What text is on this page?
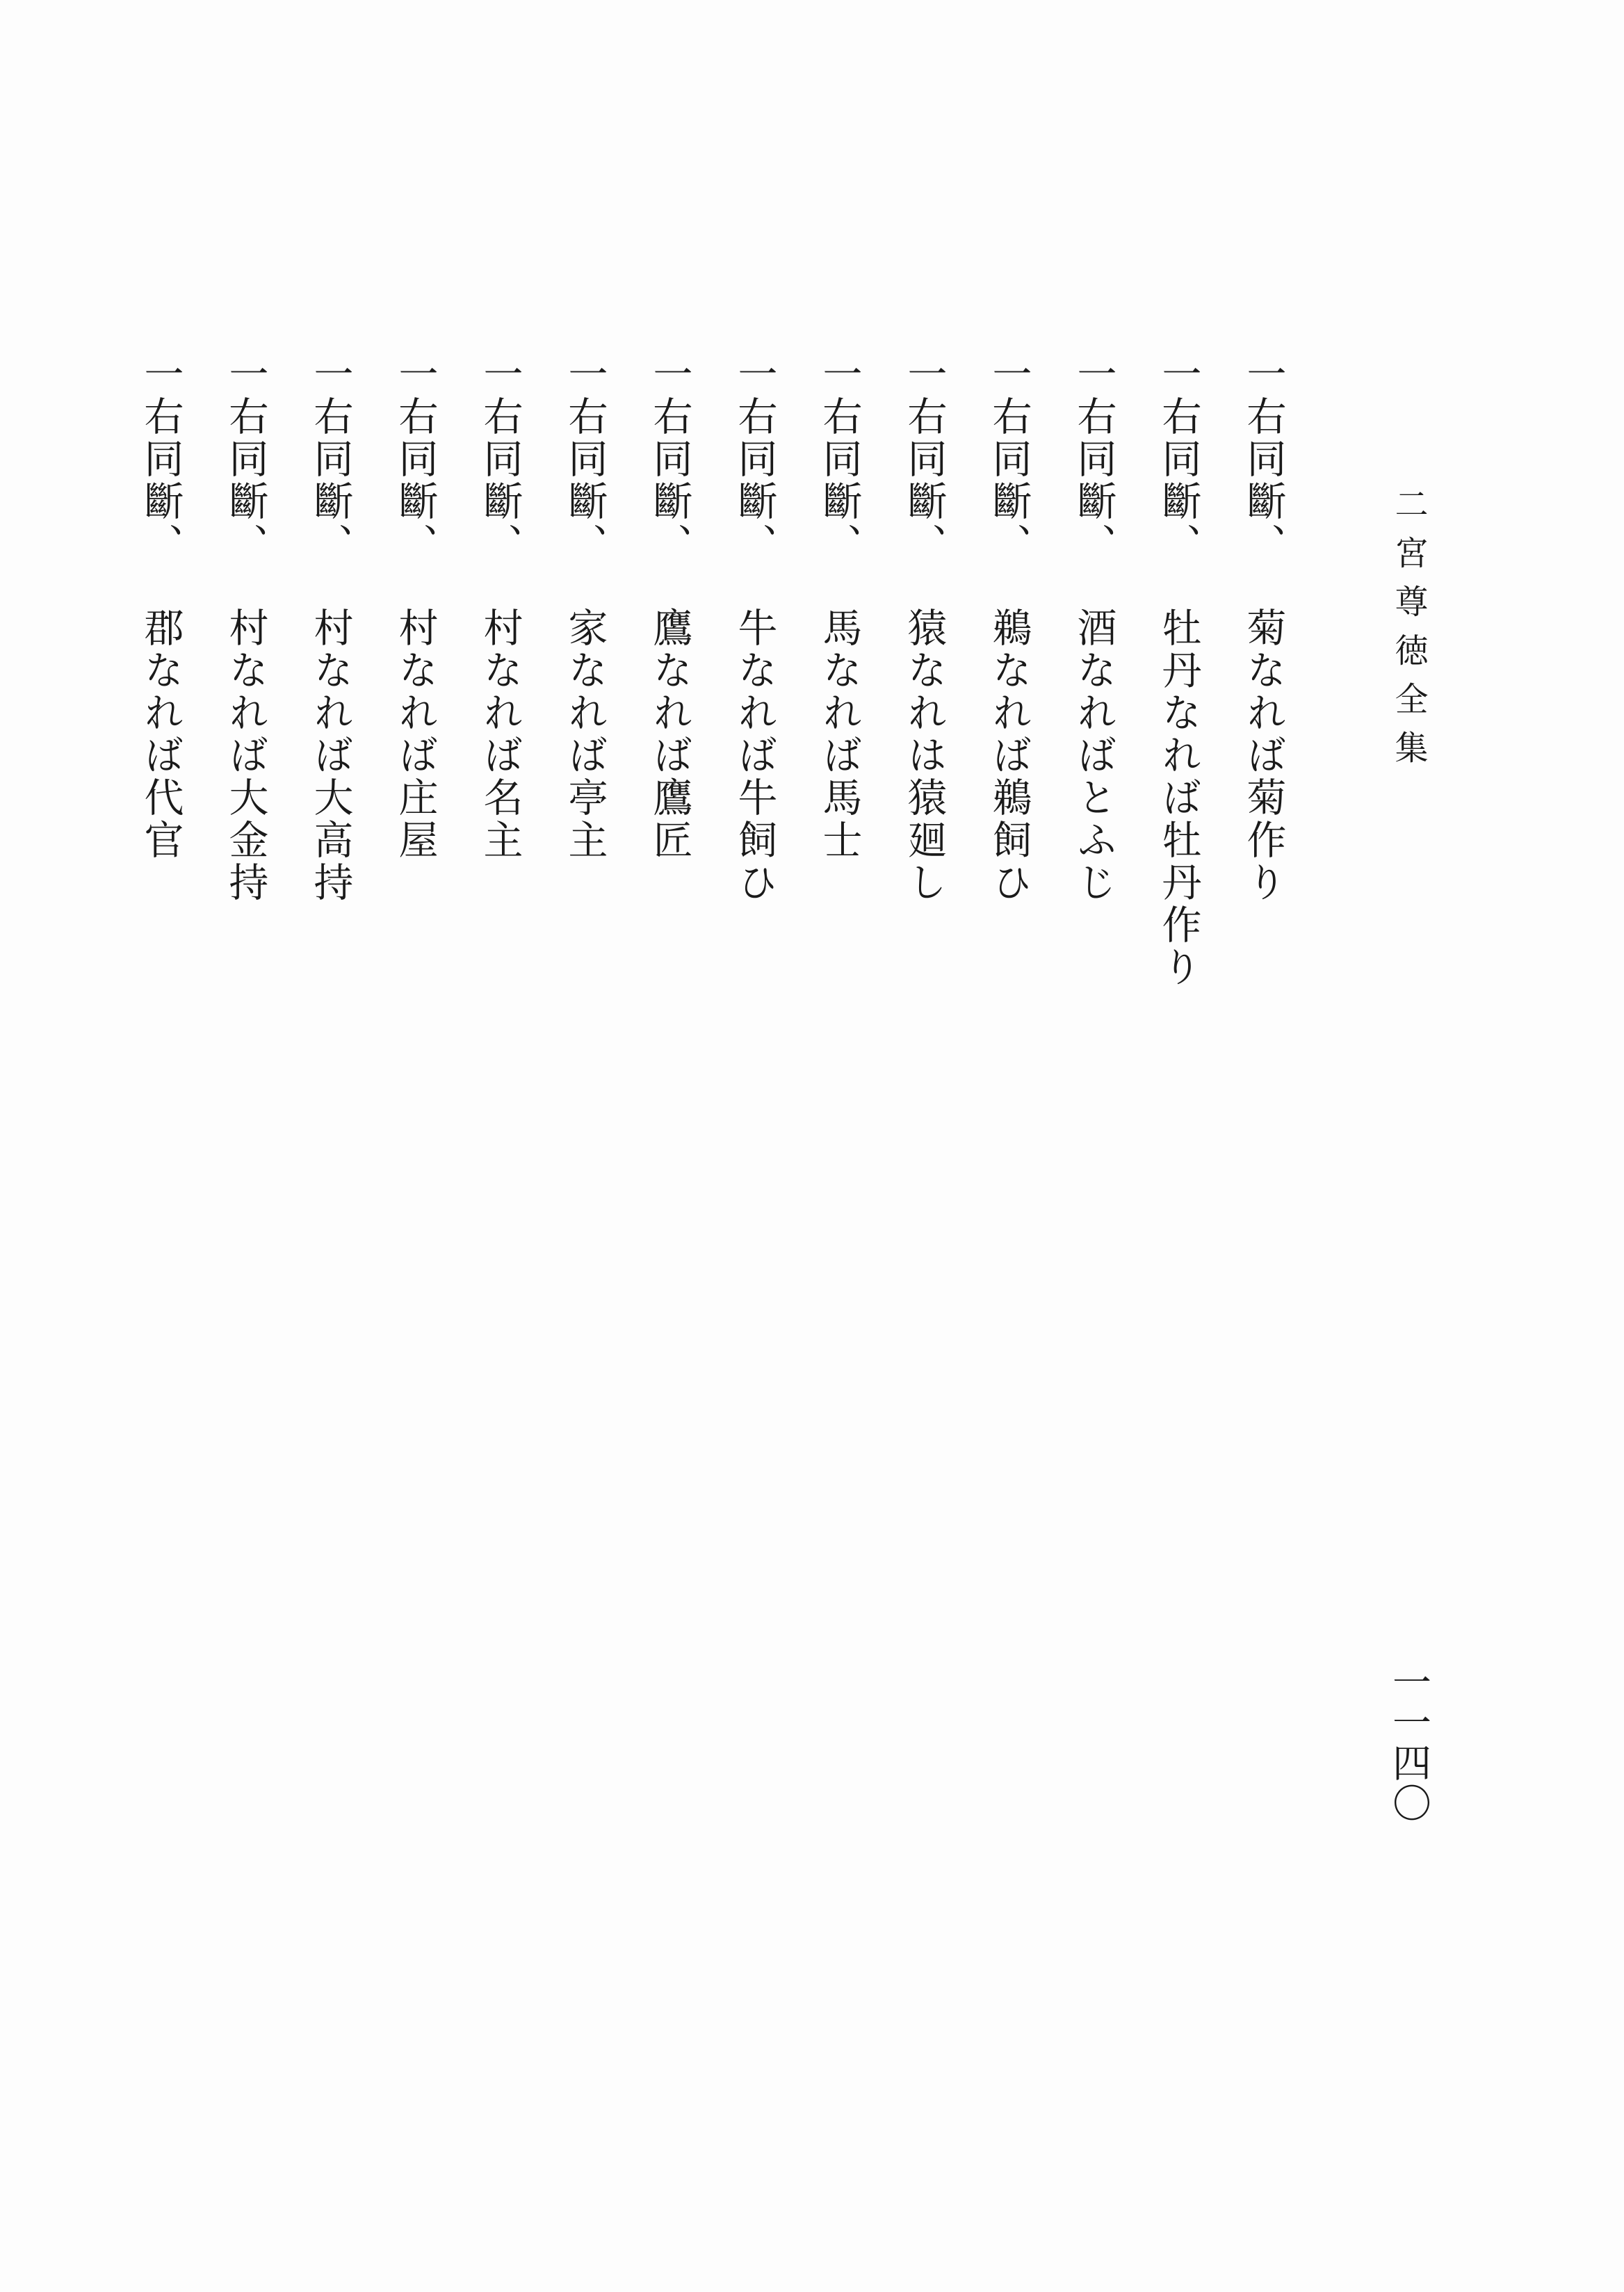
二宮尊徳全集
一一四〇
一右同斷、菊なれば菊作り
一右同斷、牡丹なれば牡丹作り
一右同斷、酒なればとふじ
一右同斷、鵜なれば鵜飼ひ
一右同斷、猿なれは猿廻し
一右同斷、馬なれば馬士
一右同斷、牛なれば牛飼ひ
一右同斷、鷹なれば鷹匠
一右同斷、家なれば亭主
一右同斷、村なれば名主
一右同斷、村なれば庄屋
一右同斷、村なれば大高持
一右同斷、村なれば大金持
一右同斷、郡なれば代官
